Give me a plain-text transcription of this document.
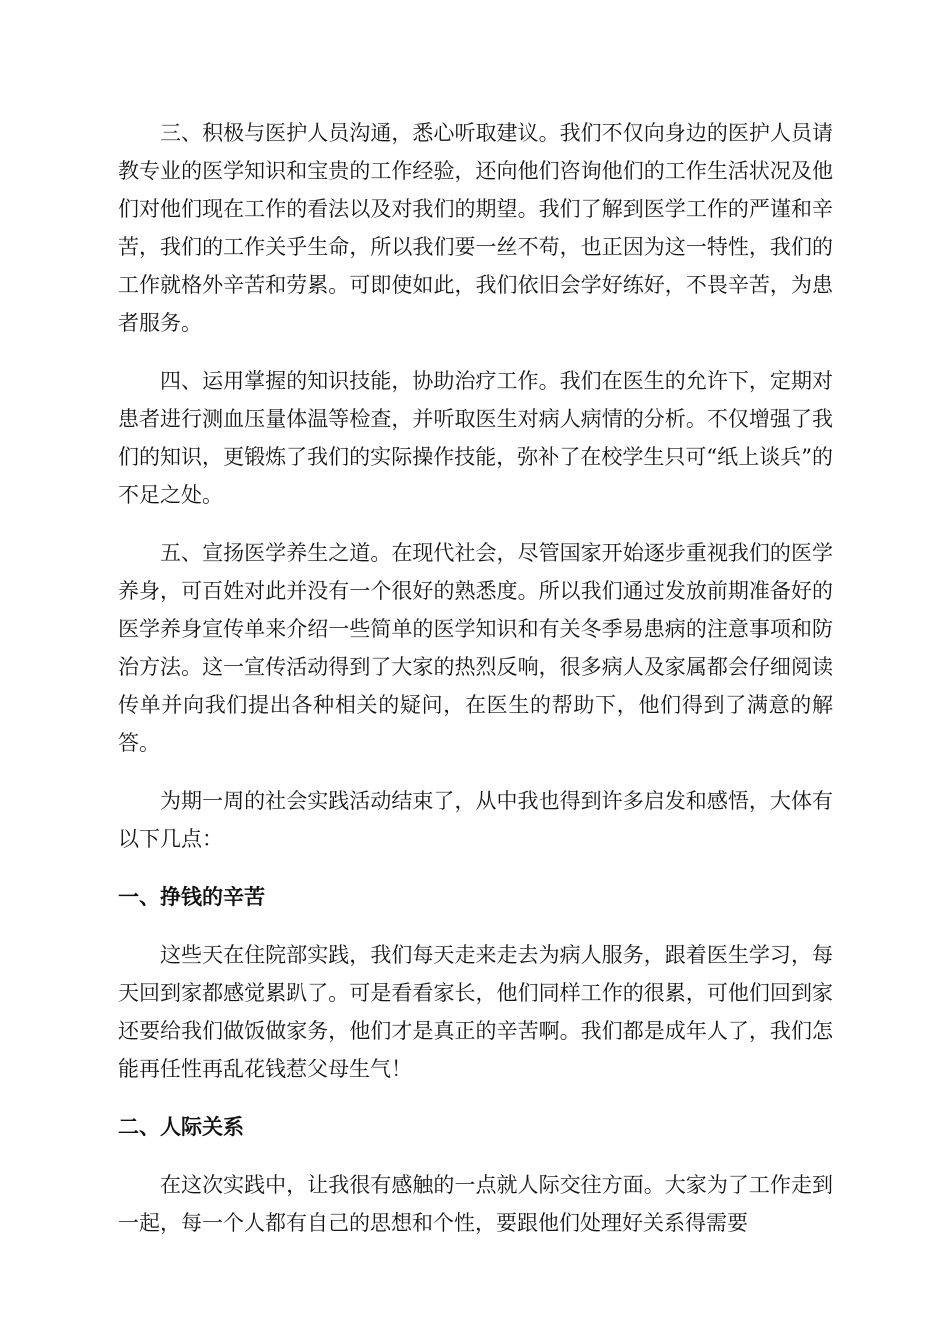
三、积极与医护人员沟通，悉心听取建议。我们不仅向身边的医护人员请教专业的医学知识和宝贵的工作经验，还向他们咨询他们的工作生活状况及他们对他们现在工作的看法以及对我们的期望。我们了解到医学工作的严谨和辛苦，我们的工作关乎生命，所以我们要一丝不苟，也正因为这一特性，我们的工作就格外辛苦和劳累。可即使如此，我们依旧会学好练好，不畏辛苦，为患者服务。

四、运用掌握的知识技能，协助治疗工作。我们在医生的允许下，定期对患者进行测血压量体温等检查，并听取医生对病人病情的分析。不仅增强了我们的知识，更锻炼了我们的实际操作技能，弥补了在校学生只可“纸上谈兵”的不足之处。

五、宣扬医学养生之道。在现代社会，尽管国家开始逐步重视我们的医学养身，可百姓对此并没有一个很好的熟悉度。所以我们通过发放前期准备好的医学养身宣传单来介绍一些简单的医学知识和有关冬季易患病的注意事项和防治方法。这一宣传活动得到了大家的热烈反响，很多病人及家属都会仔细阅读传单并向我们提出各种相关的疑问，在医生的帮助下，他们得到了满意的解答。

为期一周的社会实践活动结束了，从中我也得到许多启发和感悟，大体有以下几点：

一、挣钱的辛苦

这些天在住院部实践，我们每天走来走去为病人服务，跟着医生学习，每天回到家都感觉累趴了。可是看看家长，他们同样工作的很累，可他们回到家还要给我们做饭做家务，他们才是真正的辛苦啊。我们都是成年人了，我们怎能再任性再乱花钱惹父母生气！

二、人际关系

在这次实践中，让我很有感触的一点就人际交往方面。大家为了工作走到一起，每一个人都有自己的思想和个性，要跟他们处理好关系得需要
